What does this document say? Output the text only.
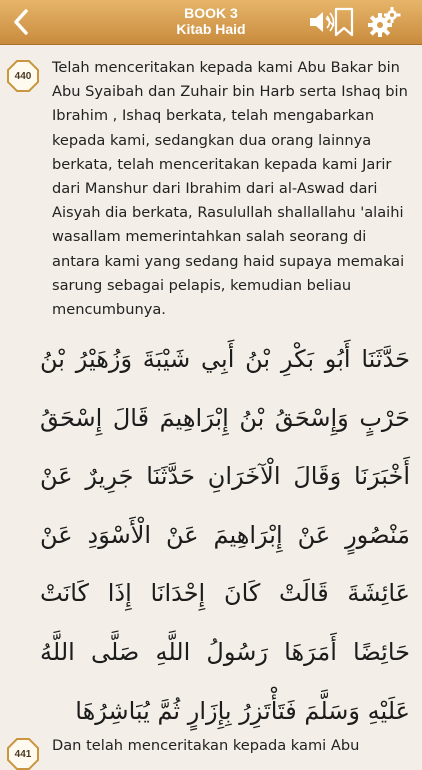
BOOK 3
Kitab Haid
440 Telah menceritakan kepada kami Abu Bakar bin Abu Syaibah dan Zuhair bin Harb serta Ishaq bin Ibrahim , Ishaq berkata, telah mengabarkan kepada kami, sedangkan dua orang lainnya berkata, telah menceritakan kepada kami Jarir dari Manshur dari Ibrahim dari al-Aswad dari Aisyah dia berkata, Rasulullah shallallahu 'alaihi wasallam memerintahkan salah seorang di antara kami yang sedang haid supaya memakai sarung sebagai pelapis, kemudian beliau mencumbunya.
حَدَّثَنَا أَبُو بَكْرِ بْنُ أَبِي شَيْبَةَ وَزُهَيْرُ بْنُ حَرْبٍ وَإِسْحَقُ بْنُ إِبْرَاهِيمَ قَالَ إِسْحَقُ أَخْبَرَنَا وَقَالَ الْآخَرَانِ حَدَّثَنَا جَرِيرٌ عَنْ مَنْصُورٍ عَنْ إِبْرَاهِيمَ عَنْ الْأَسْوَدِ عَنْ عَائِشَةَ قَالَتْ كَانَ إِحْدَانَا إِذَا كَانَتْ حَائِضًا أَمَرَهَا رَسُولُ اللَّهِ صَلَّى اللَّهُ عَلَيْهِ وَسَلَّمَ فَتَأْتَزِرُ بِإِزَارٍ ثُمَّ يُبَاشِرُهَا
441 Dan telah menceritakan kepada kami Abu
